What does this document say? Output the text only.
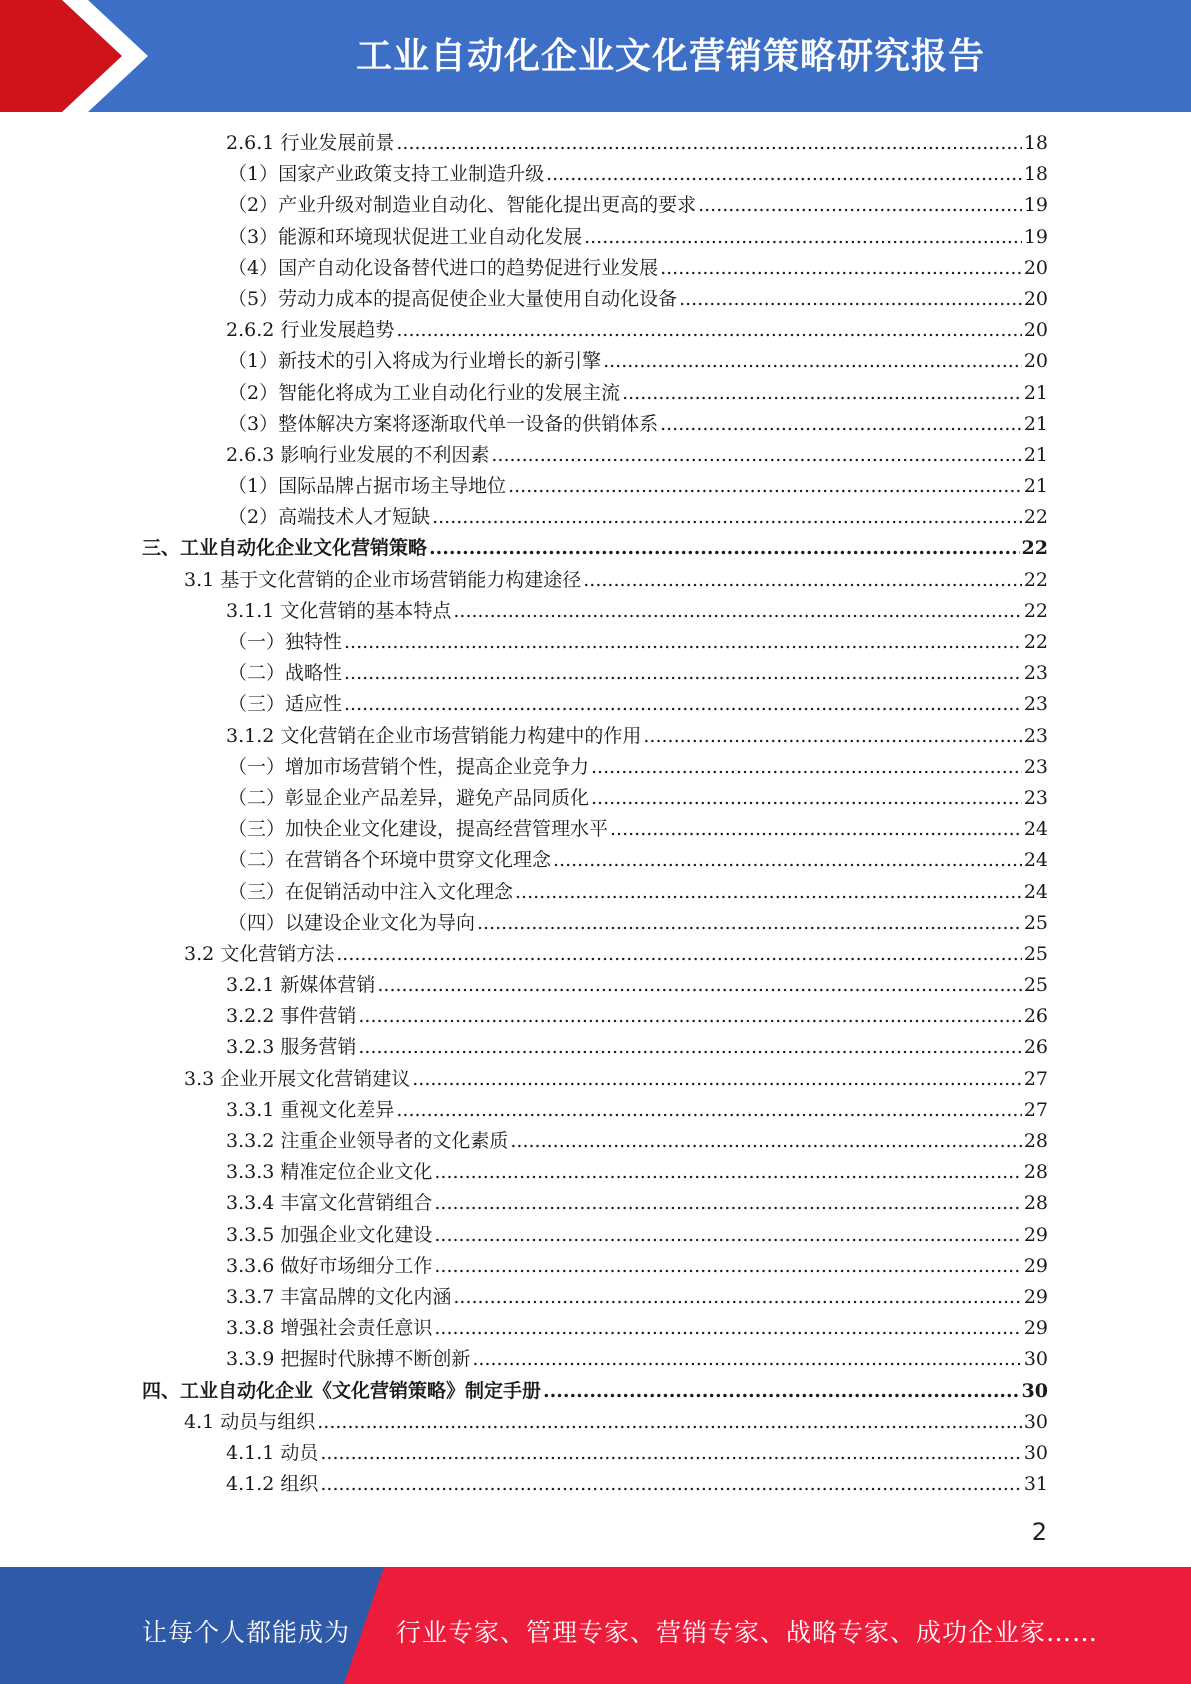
工业自动化企业文化营销策略研究报告
2.6.1 行业发展前景 .....	18
（1）国家产业政策支持工业制造升级 .....	18
（2）产业升级对制造业自动化、智能化提出更高的要求 .....	19
（3）能源和环境现状促进工业自动化发展 .....	19
（4）国产自动化设备替代进口的趋势促进行业发展 .....	20
（5）劳动力成本的提高促使企业大量使用自动化设备 .....	20
2.6.2 行业发展趋势 .....	20
（1）新技术的引入将成为行业增长的新引擎 .....	20
（2）智能化将成为工业自动化行业的发展主流 .....	21
（3）整体解决方案将逐渐取代单一设备的供销体系 .....	21
2.6.3 影响行业发展的不利因素 .....	21
（1）国际品牌占据市场主导地位 .....	21
（2）高端技术人才短缺 .....	22
三、工业自动化企业文化营销策略 .....	22
3.1 基于文化营销的企业市场营销能力构建途径 .....	22
3.1.1 文化营销的基本特点 .....	22
（一）独特性 .....	22
（二）战略性 .....	23
（三）适应性 .....	23
3.1.2 文化营销在企业市场营销能力构建中的作用 .....	23
（一）增加市场营销个性，提高企业竞争力 .....	23
（二）彰显企业产品差异，避免产品同质化 .....	23
（三）加快企业文化建设，提高经营管理水平 .....	24
（二）在营销各个环境中贯穿文化理念 .....	24
（三）在促销活动中注入文化理念 .....	24
（四）以建设企业文化为导向 .....	25
3.2 文化营销方法 .....	25
3.2.1 新媒体营销 .....	25
3.2.2 事件营销 .....	26
3.2.3 服务营销 .....	26
3.3 企业开展文化营销建议 .....	27
3.3.1 重视文化差异 .....	27
3.3.2 注重企业领导者的文化素质 .....	28
3.3.3 精准定位企业文化 .....	28
3.3.4 丰富文化营销组合 .....	28
3.3.5 加强企业文化建设 .....	29
3.3.6 做好市场细分工作 .....	29
3.3.7 丰富品牌的文化内涵 .....	29
3.3.8 增强社会责任意识 .....	29
3.3.9 把握时代脉搏不断创新 .....	30
四、工业自动化企业《文化营销策略》制定手册 .....	30
4.1 动员与组织 .....	30
4.1.1 动员 .....	30
4.1.2 组织 .....	31
2
让每个人都能成为 行业专家、管理专家、营销专家、战略专家、成功企业家……
